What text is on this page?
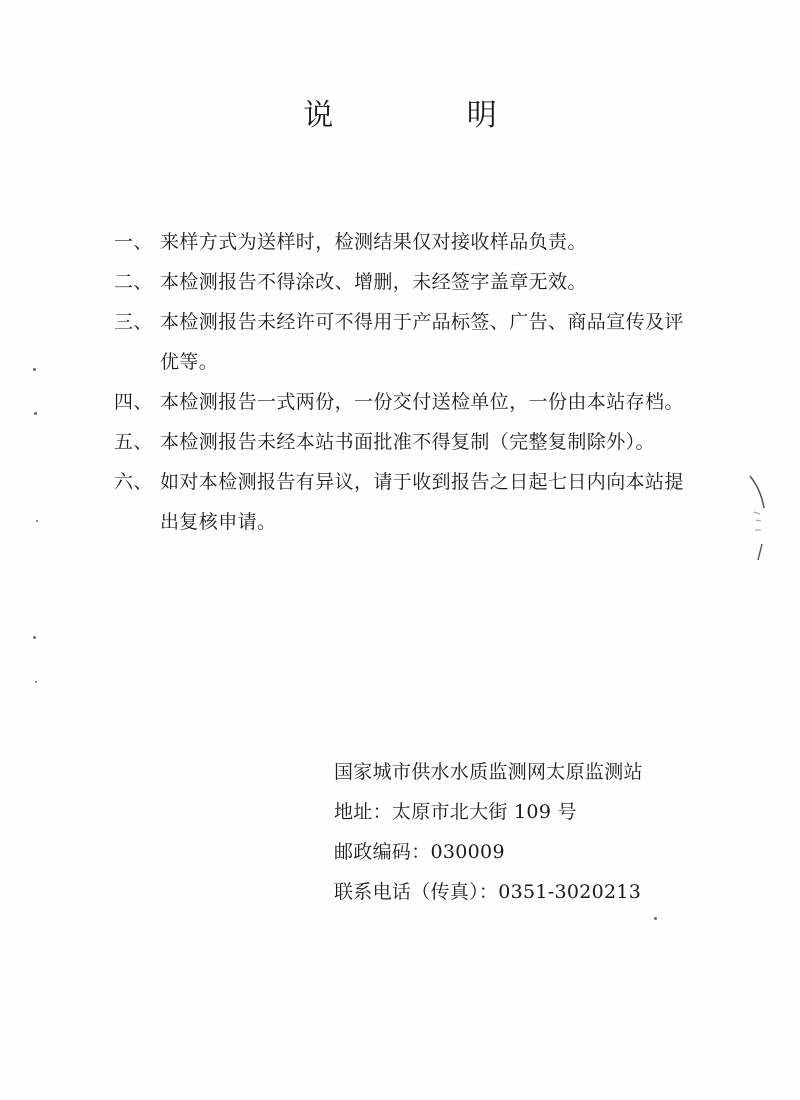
说 明
一、 来样方式为送样时，检测结果仅对接收样品负责。
二、 本检测报告不得涂改、增删，未经签字盖章无效。
三、 本检测报告未经许可不得用于产品标签、广告、商品宣传及评优等。
四、 本检测报告一式两份，一份交付送检单位，一份由本站存档。
五、 本检测报告未经本站书面批准不得复制（完整复制除外）。
六、 如对本检测报告有异议，请于收到报告之日起七日内向本站提出复核申请。
国家城市供水水质监测网太原监测站
地址：太原市北大街 109 号
邮政编码：030009
联系电话（传真）：0351-3020213
